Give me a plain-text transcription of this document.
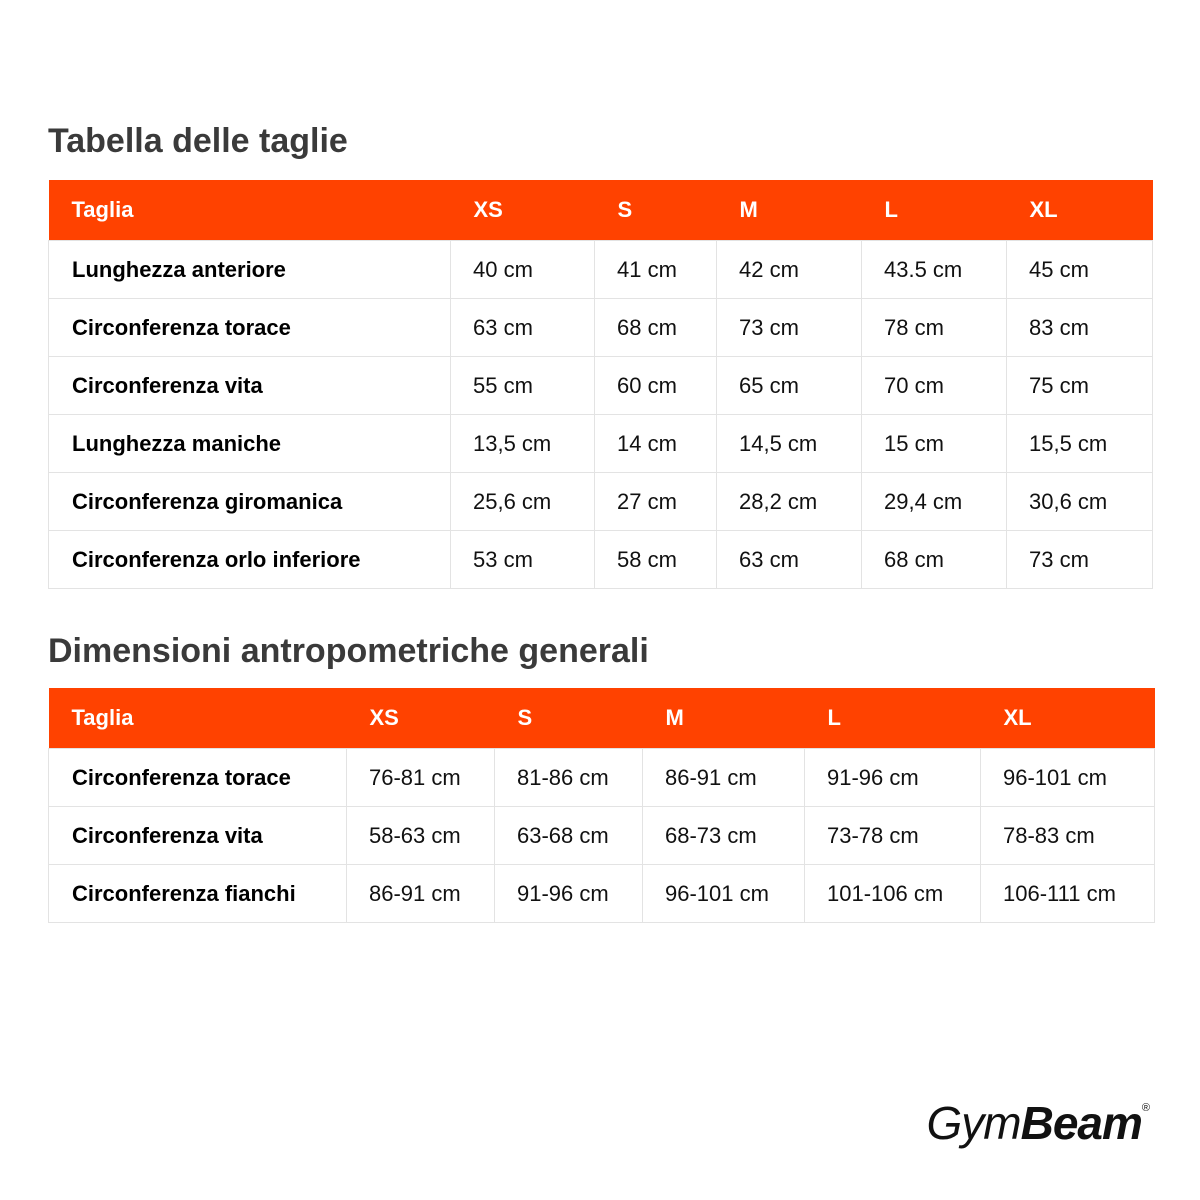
Tabella delle taglie
Taglia	XS	S	M	L	XL
Lunghezza anteriore	40 cm	41 cm	42 cm	43.5 cm	45 cm
Circonferenza torace	63 cm	68 cm	73 cm	78 cm	83 cm
Circonferenza vita	55 cm	60 cm	65 cm	70 cm	75 cm
Lunghezza maniche	13,5 cm	14 cm	14,5 cm	15 cm	15,5 cm
Circonferenza giromanica	25,6 cm	27 cm	28,2 cm	29,4 cm	30,6 cm
Circonferenza orlo inferiore	53 cm	58 cm	63 cm	68 cm	73 cm
Dimensioni antropometriche generali
Taglia	XS	S	M	L	XL
Circonferenza torace	76-81 cm	81-86 cm	86-91 cm	91-96 cm	96-101 cm
Circonferenza vita	58-63 cm	63-68 cm	68-73 cm	73-78 cm	78-83 cm
Circonferenza fianchi	86-91 cm	91-96 cm	96-101 cm	101-106 cm	106-111 cm
GymBeam®
